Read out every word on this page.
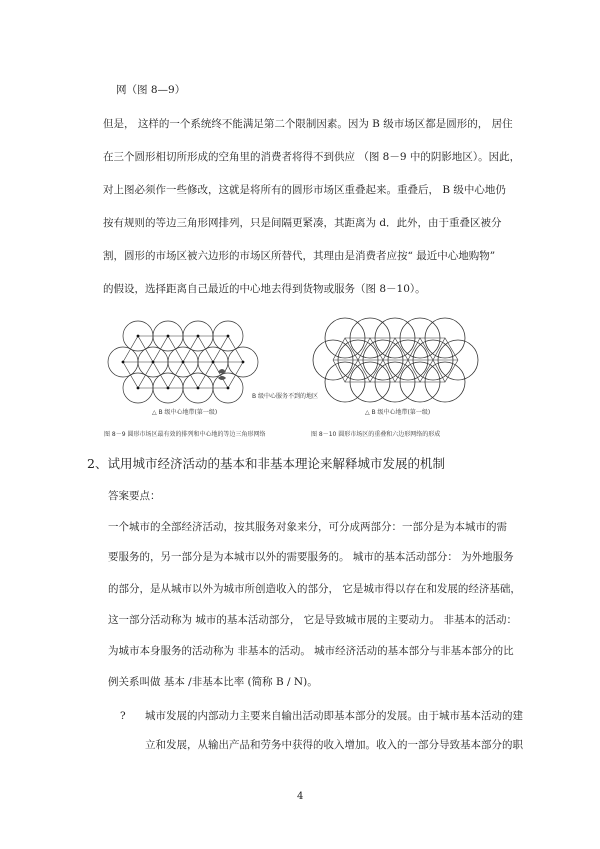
网（图 8—9）
但是， 这样的一个系统终不能满足第二个限制因素。因为 B 级市场区都是圆形的， 居住
在三个圆形相切所形成的空角里的消费者将得不到供应 （图 8－9 中的阴影地区）。因此，
对上图必须作一些修改，这就是将所有的圆形市场区重叠起来。重叠后， B 级中心地仍
按有规则的等边三角形网排列，只是间隔更紧凑，其距离为 d．此外，由于重叠区被分
割，圆形的市场区被六边形的市场区所替代，其理由是消费者应按“ 最近中心地购物”
的假设，选择距离自己最近的中心地去得到货物或服务（图 8－10）。
B 级中心服务不到的地区
△ B 级中心地带(第一级)
图 8－9 圆形市场区最有效的排列和中心地的等边三角形网络
△ B 级中心地带(第一级)
图 8－10 圆形市场区的重叠和六边形网络的形成
2、试用城市经济活动的基本和非基本理论来解释城市发展的机制
答案要点：
一个城市的全部经济活动，按其服务对象来分，可分成两部分：一部分是为本城市的需
要服务的，另一部分是为本城市以外的需要服务的。 城市的基本活动部分： 为外地服务
的部分，是从城市以外为城市所创造收入的部分， 它是城市得以存在和发展的经济基础，
这一部分活动称为 城市的基本活动部分， 它是导致城市展的主要动力。 非基本的活动：
为城市本身服务的活动称为 非基本的活动。 城市经济活动的基本部分与非基本部分的比
例关系叫做 基本 /非基本比率 (简称 B / N)。
? 城市发展的内部动力主要来自输出活动即基本部分的发展。由于城市基本活动的建
立和发展，从输出产品和劳务中获得的收入增加。收入的一部分导致基本部分的职
4
